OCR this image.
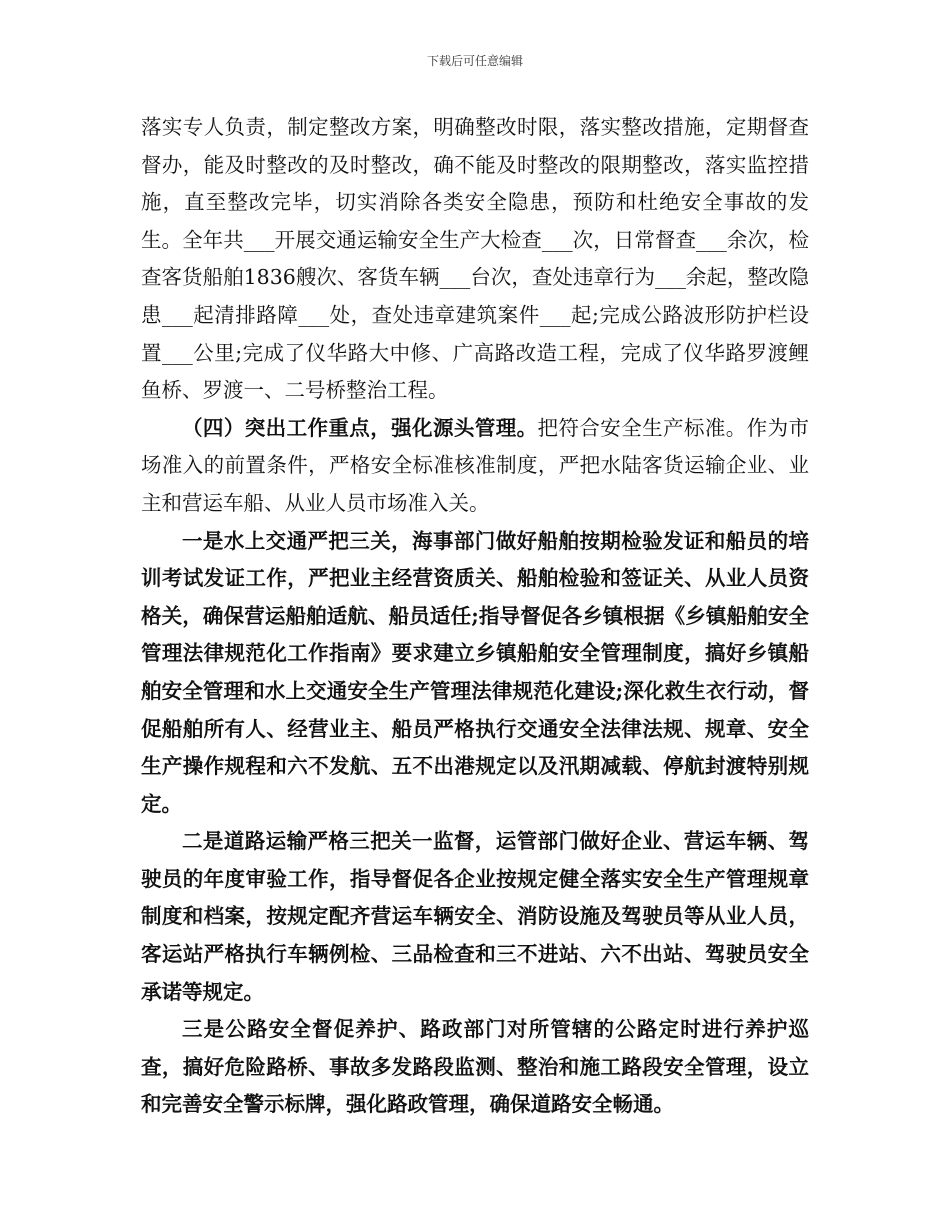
下载后可任意编辑

落实专人负责，制定整改方案，明确整改时限，落实整改措施，定期督查督办，能及时整改的及时整改，确不能及时整改的限期整改，落实监控措施，直至整改完毕，切实消除各类安全隐患，预防和杜绝安全事故的发生。全年共___开展交通运输安全生产大检查___次，日常督查___余次，检查客货船舶1836艘次、客货车辆___台次，查处违章行为___余起，整改隐患___起清排路障___处，查处违章建筑案件___起;完成公路波形防护栏设置___公里;完成了仪华路大中修、广高路改造工程，完成了仪华路罗渡鲤鱼桥、罗渡一、二号桥整治工程。

（四）突出工作重点，强化源头管理。把符合安全生产标准。作为市场准入的前置条件，严格安全标准核准制度，严把水陆客货运输企业、业主和营运车船、从业人员市场准入关。

一是水上交通严把三关，海事部门做好船舶按期检验发证和船员的培训考试发证工作，严把业主经营资质关、船舶检验和签证关、从业人员资格关，确保营运船舶适航、船员适任;指导督促各乡镇根据《乡镇船舶安全管理法律规范化工作指南》要求建立乡镇船舶安全管理制度，搞好乡镇船舶安全管理和水上交通安全生产管理法律规范化建设;深化救生衣行动，督促船舶所有人、经营业主、船员严格执行交通安全法律法规、规章、安全生产操作规程和六不发航、五不出港规定以及汛期减载、停航封渡特别规定。

二是道路运输严格三把关一监督，运管部门做好企业、营运车辆、驾驶员的年度审验工作，指导督促各企业按规定健全落实安全生产管理规章制度和档案，按规定配齐营运车辆安全、消防设施及驾驶员等从业人员，客运站严格执行车辆例检、三品检查和三不进站、六不出站、驾驶员安全承诺等规定。

三是公路安全督促养护、路政部门对所管辖的公路定时进行养护巡查，搞好危险路桥、事故多发路段监测、整治和施工路段安全管理，设立和完善安全警示标牌，强化路政管理，确保道路安全畅通。
